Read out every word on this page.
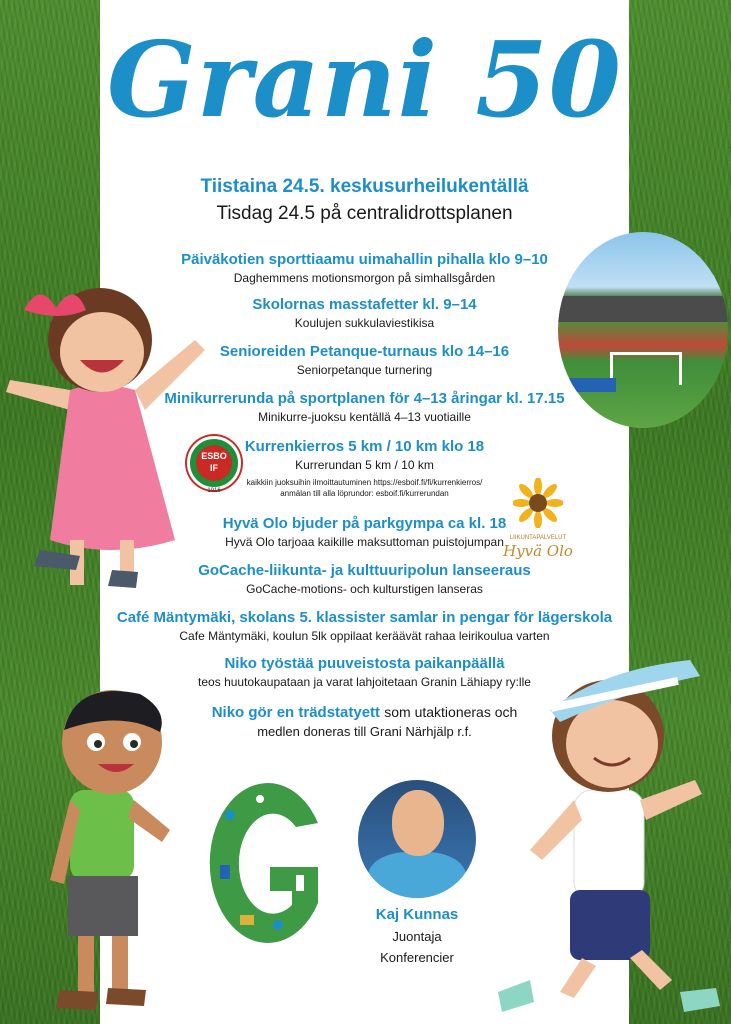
Grani 50
Tiistaina 24.5. keskusurheilukentällä
Tisdag 24.5 på centralidrottsplanen
Päiväkotien sporttiaamu uimahallin pihalla klo 9–10
Daghemmens motionsmorgon på simhallsgården
Skolornas masstafetter kl. 9–14
Koulujen sukkulaviestikisa
Senioreiden Petanque-turnaus klo 14–16
Seniorpetanque turnering
Minikurrerunda på sportplanen för 4–13 åringar kl. 17.15
Minikurre-juoksu kentällä 4–13 vuotiaille
Kurrenkierros 5 km / 10 km klo 18
Kurrerundan 5 km / 10 km
kaikkiin juoksuihin ilmoittautuminen https://esboif.fi/fi/kurrenkierros/
anmälan till alla löprundor: esboif.fi/kurrerundan
Hyvä Olo bjuder på parkgympa ca kl. 18
Hyvä Olo tarjoaa kaikille maksuttoman puistojumpan
GoCache-liikunta- ja kulttuuripolun lanseeraus
GoCache-motions- och kulturstigen lanseras
Café Mäntymäki, skolans 5. klassister samlar in pengar för lägerskola
Cafe Mäntymäki, koulun 5lk oppilaat keräävät rahaa leirikoulua varten
Niko työstää puuveistosta paikanpäällä
teos huutokaupataan ja varat lahjoitetaan Granin Lähiapy ry:lle
Niko gör en trädstatyett som utaktioneras och
medlen doneras till Grani Närhjälp r.f.
ESBO
IF
1916
LIIKUNTAPALVELUT
Hyvä Olo
Kaj Kunnas
Juontaja
Konferencier
